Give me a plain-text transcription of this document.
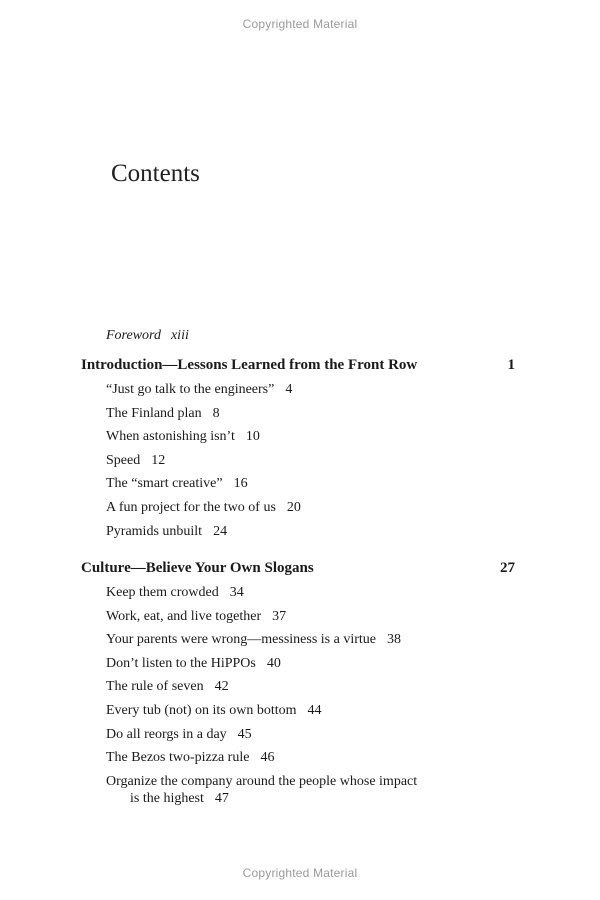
Copyrighted Material
Contents
Foreword xiii
Introduction—Lessons Learned from the Front Row	1
“Just go talk to the engineers” 4
The Finland plan 8
When astonishing isn’t 10
Speed 12
The “smart creative” 16
A fun project for the two of us 20
Pyramids unbuilt 24
Culture—Believe Your Own Slogans	27
Keep them crowded 34
Work, eat, and live together 37
Your parents were wrong—messiness is a virtue 38
Don’t listen to the HiPPOs 40
The rule of seven 42
Every tub (not) on its own bottom 44
Do all reorgs in a day 45
The Bezos two-pizza rule 46
Organize the company around the people whose impact
is the highest 47
Copyrighted Material
